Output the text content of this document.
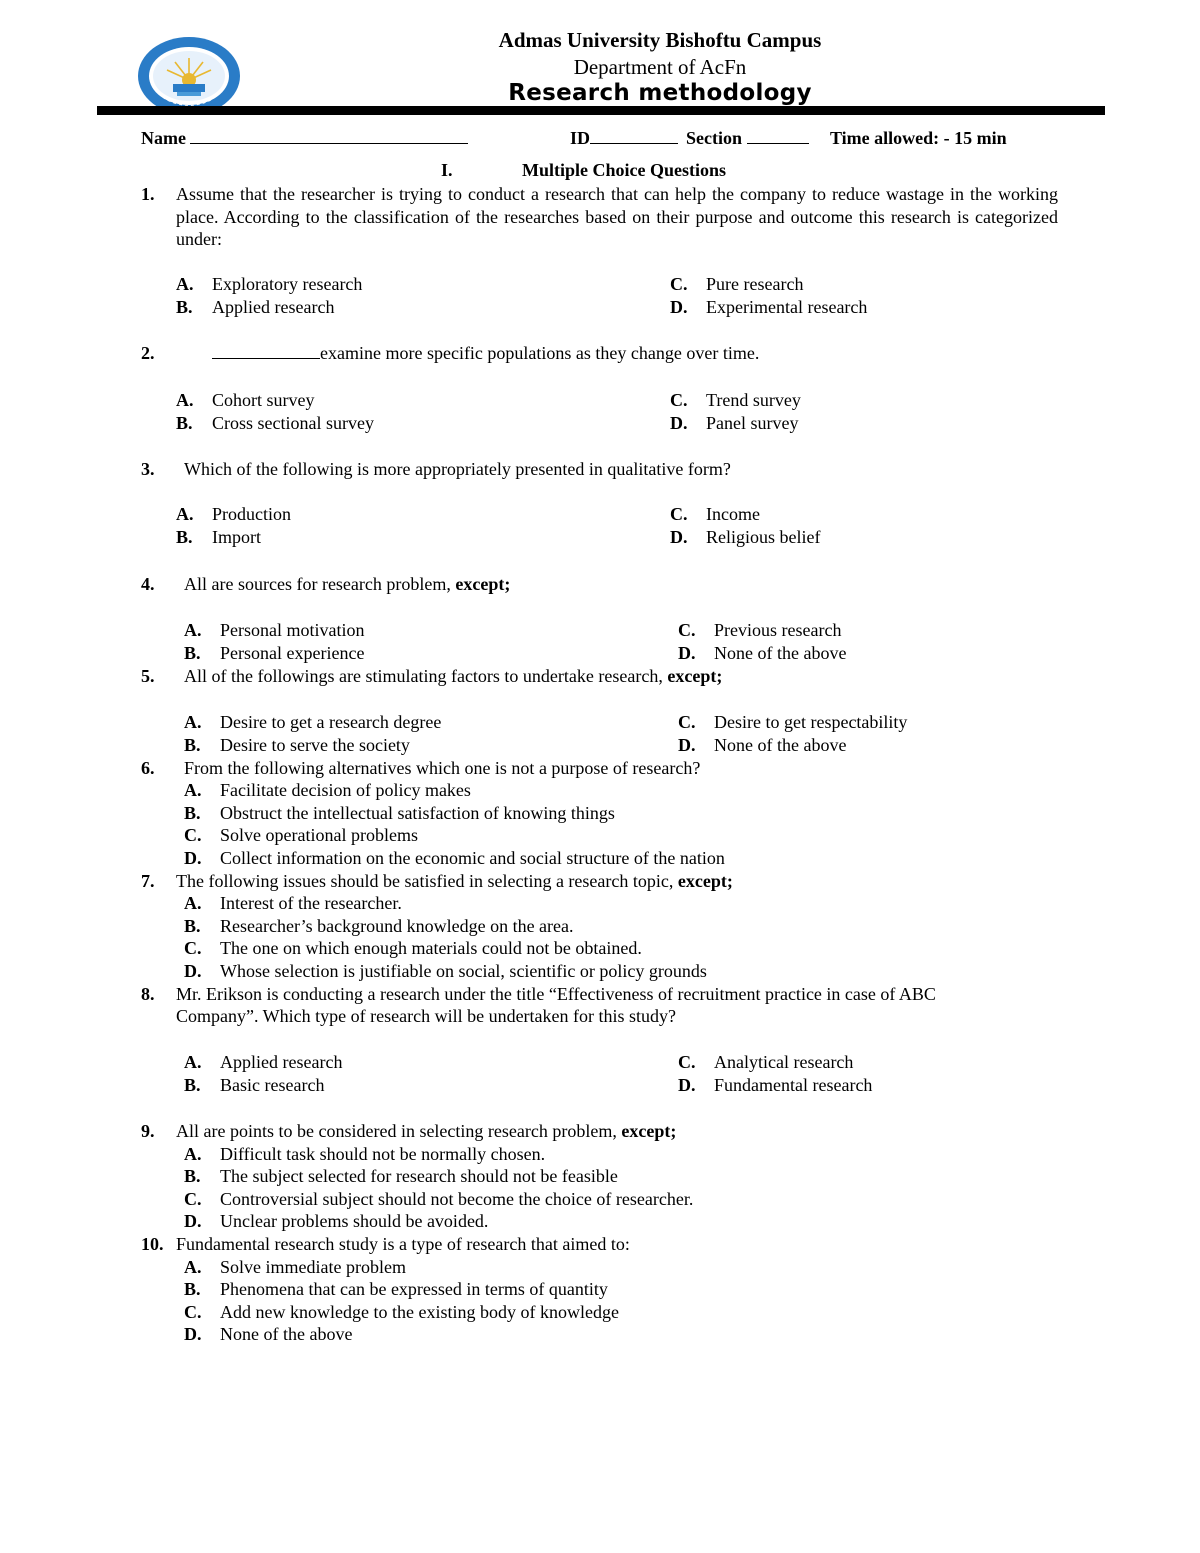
Admas University Bishoftu Campus
Department of AcFn
Research methodology
Name	ID	Section	Time allowed: - 15 min
I.	Multiple Choice Questions
1. Assume that the researcher is trying to conduct a research that can help the company to reduce wastage in the working place. According to the classification of the researches based on their purpose and outcome this research is categorized under:
A. Exploratory research
B. Applied research
C. Pure research
D. Experimental research
2.	examine more specific populations as they change over time.
A. Cohort survey
B. Cross sectional survey
C. Trend survey
D. Panel survey
3. Which of the following is more appropriately presented in qualitative form?
A. Production
B. Import
C. Income
D. Religious belief
4. All are sources for research problem, except;
A. Personal motivation
B. Personal experience
C. Previous research
D. None of the above
5. All of the followings are stimulating factors to undertake research, except;
A. Desire to get a research degree
B. Desire to serve the society
C. Desire to get respectability
D. None of the above
6. From the following alternatives which one is not a purpose of research?
A. Facilitate decision of policy makes
B. Obstruct the intellectual satisfaction of knowing things
C. Solve operational problems
D. Collect information on the economic and social structure of the nation
7. The following issues should be satisfied in selecting a research topic, except;
A. Interest of the researcher.
B. Researcher’s background knowledge on the area.
C. The one on which enough materials could not be obtained.
D. Whose selection is justifiable on social, scientific or policy grounds
8. Mr. Erikson is conducting a research under the title “Effectiveness of recruitment practice in case of ABC
Company”. Which type of research will be undertaken for this study?
A. Applied research
B. Basic research
C. Analytical research
D. Fundamental research
9. All are points to be considered in selecting research problem, except;
A. Difficult task should not be normally chosen.
B. The subject selected for research should not be feasible
C. Controversial subject should not become the choice of researcher.
D. Unclear problems should be avoided.
10. Fundamental research study is a type of research that aimed to:
A. Solve immediate problem
B. Phenomena that can be expressed in terms of quantity
C. Add new knowledge to the existing body of knowledge
D. None of the above
